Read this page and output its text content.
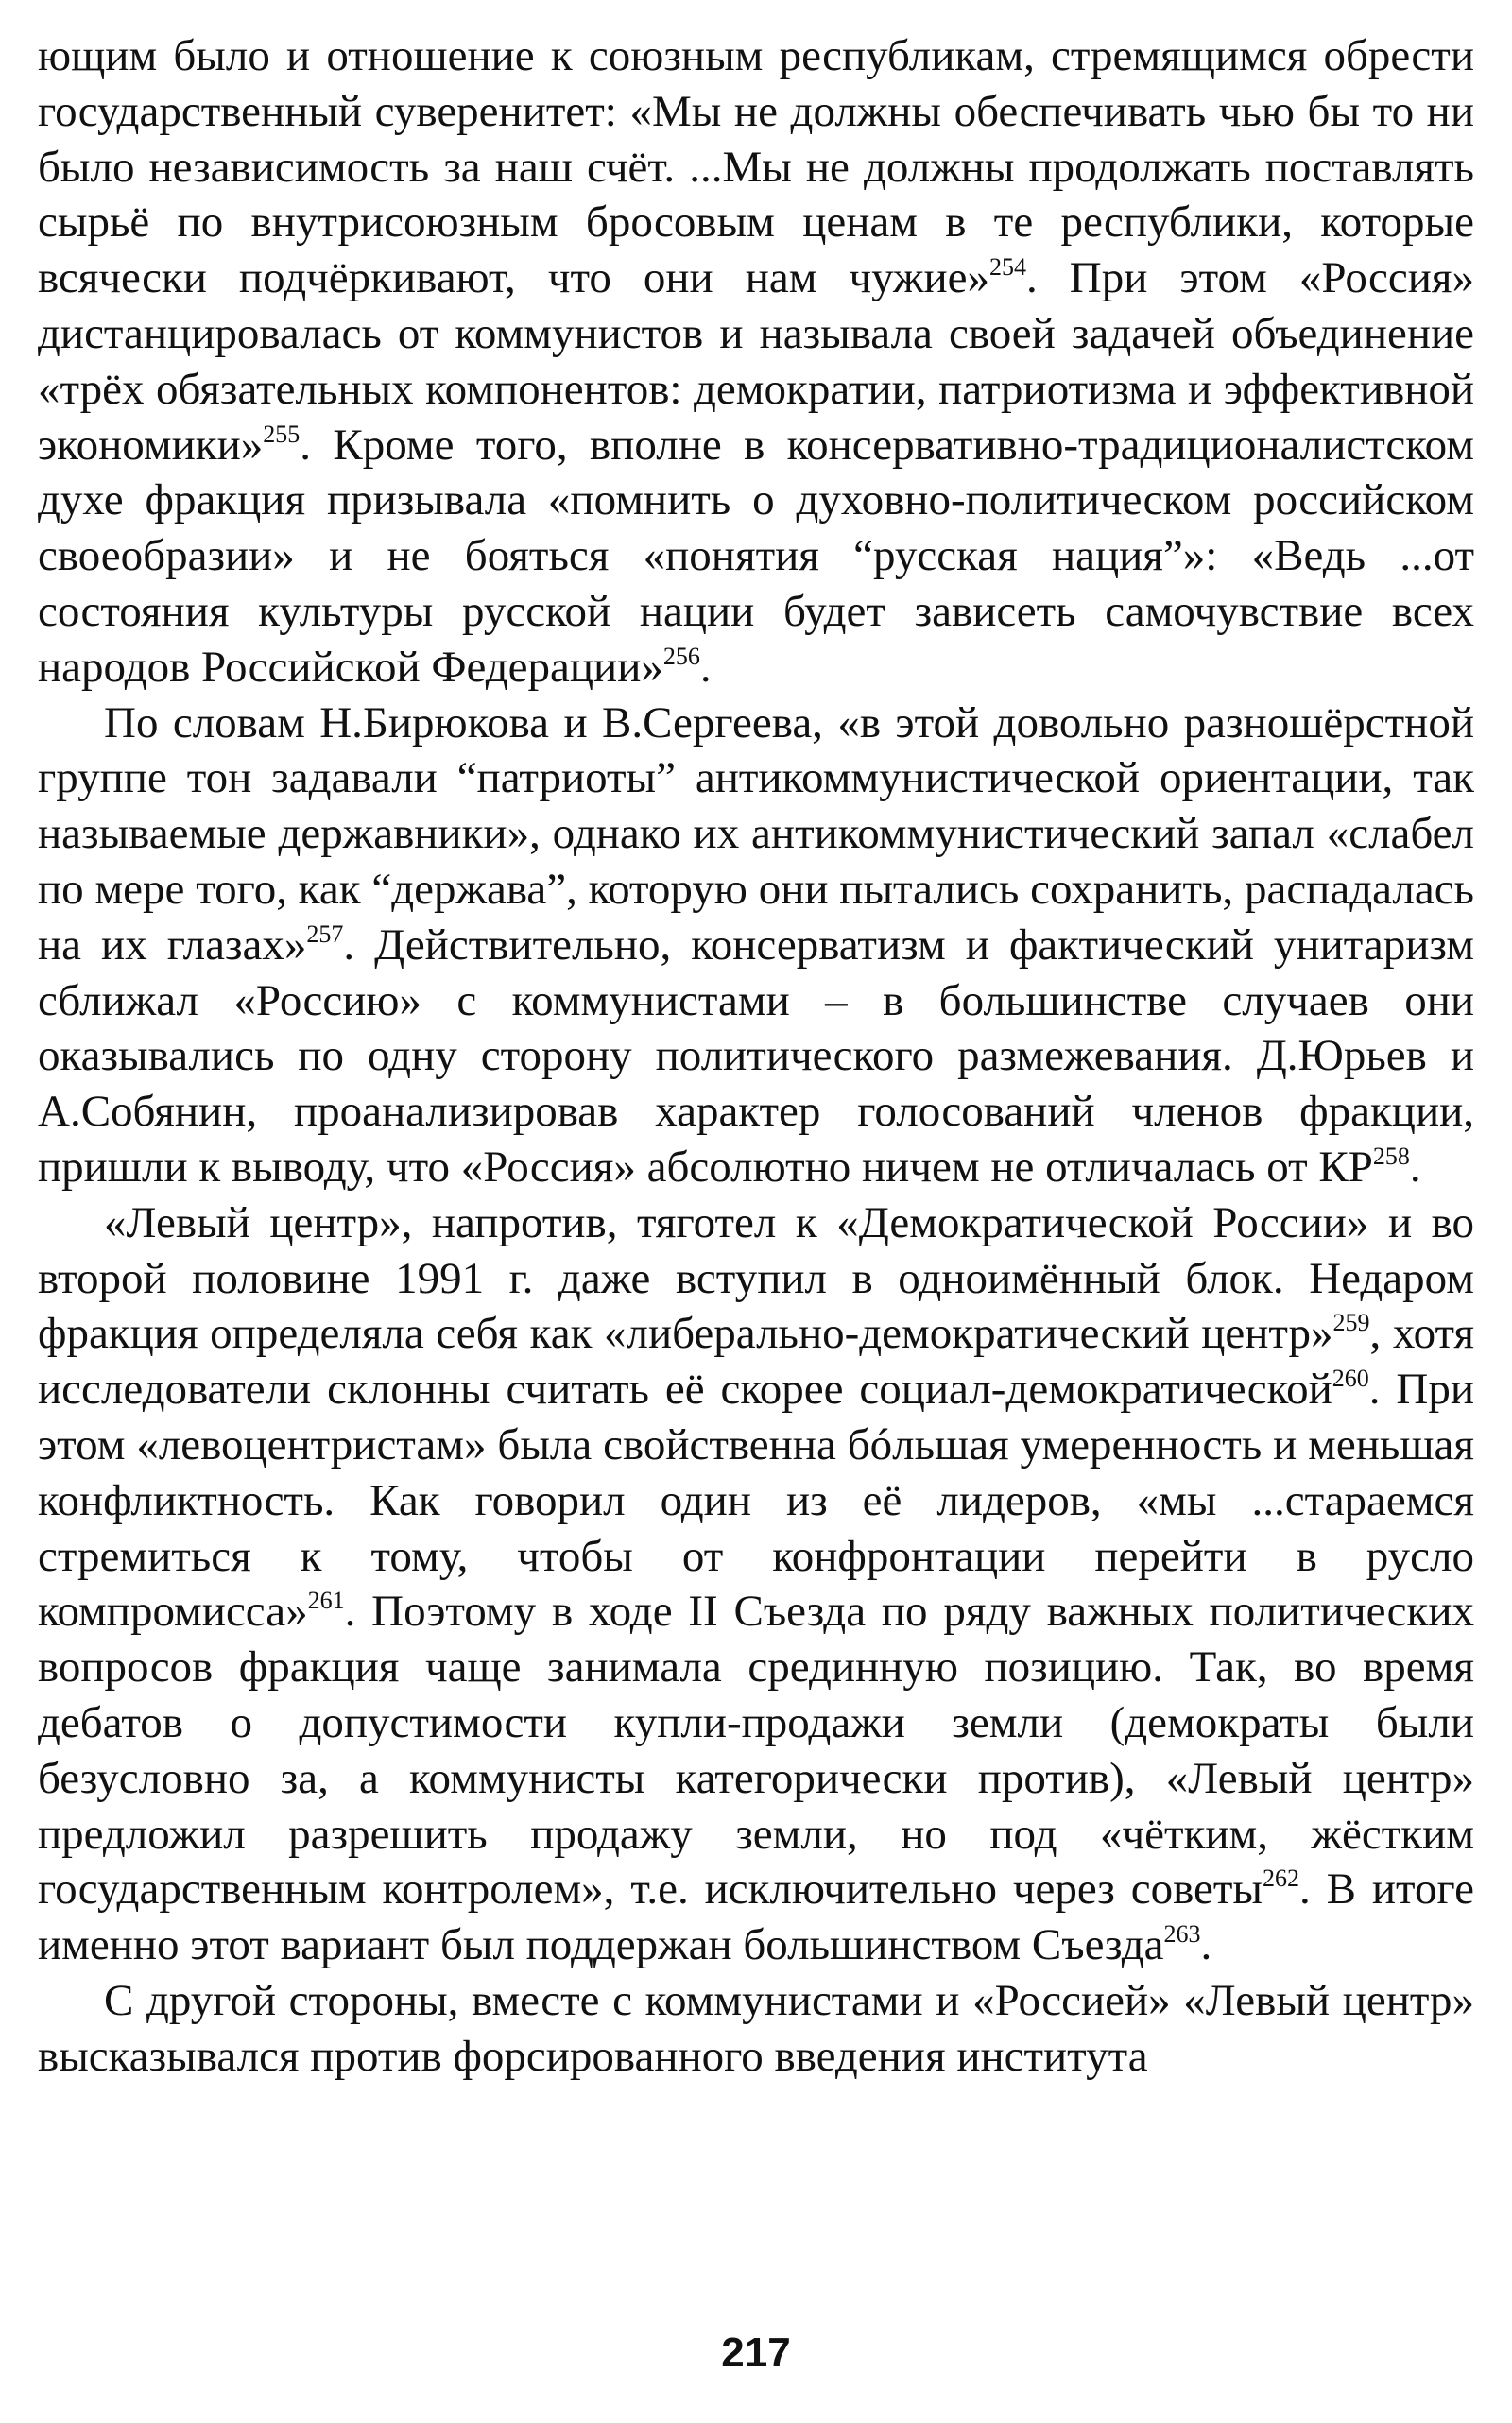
ющим было и отношение к союзным республикам, стремящимся обрести государственный суверенитет: «Мы не должны обеспечивать чью бы то ни было независимость за наш счёт. ...Мы не должны продолжать поставлять сырьё по внутрисоюзным бросовым ценам в те республики, которые всячески подчёркивают, что они нам чужие»$^{254}$. При этом «Россия» дистанцировалась от коммунистов и называла своей задачей объединение «трёх обязательных компонентов: демократии, патриотизма и эффективной экономики»$^{255}$. Кроме того, вполне в консервативно-традиционалистском духе фракция призывала «помнить о духовно-политическом российском своеобразии» и не бояться «понятия “русская нация”»: «Ведь ...от состояния культуры русской нации будет зависеть самочувствие всех народов Российской Федерации»$^{256}$.

По словам Н.Бирюкова и В.Сергеева, «в этой довольно разношёрстной группе тон задавали “патриоты” антикоммунистической ориентации, так называемые державники», однако их антикоммунистический запал «слабел по мере того, как “держава”, которую они пытались сохранить, распадалась на их глазах»$^{257}$. Действительно, консерватизм и фактический унитаризм сближал «Россию» с коммунистами – в большинстве случаев они оказывались по одну сторону политического размежевания. Д.Юрьев и А.Собянин, проанализировав характер голосований членов фракции, пришли к выводу, что «Россия» абсолютно ничем не отличалась от КР$^{258}$.

«Левый центр», напротив, тяготел к «Демократической России» и во второй половине 1991 г. даже вступил в одноимённый блок. Недаром фракция определяла себя как «либерально-демократический центр»$^{259}$, хотя исследователи склонны считать её скорее социал-демократической$^{260}$. При этом «левоцентристам» была свойственна бóльшая умеренность и меньшая конфликтность. Как говорил один из её лидеров, «мы ...стараемся стремиться к тому, чтобы от конфронтации перейти в русло компромисса»$^{261}$. Поэтому в ходе II Съезда по ряду важных политических вопросов фракция чаще занимала срединную позицию. Так, во время дебатов о допустимости купли-продажи земли (демократы были безусловно за, а коммунисты категорически против), «Левый центр» предложил разрешить продажу земли, но под «чётким, жёстким государственным контролем», т.е. исключительно через советы$^{262}$. В итоге именно этот вариант был поддержан большинством Съезда$^{263}$.

С другой стороны, вместе с коммунистами и «Россией» «Левый центр» высказывался против форсированного введения института

217
